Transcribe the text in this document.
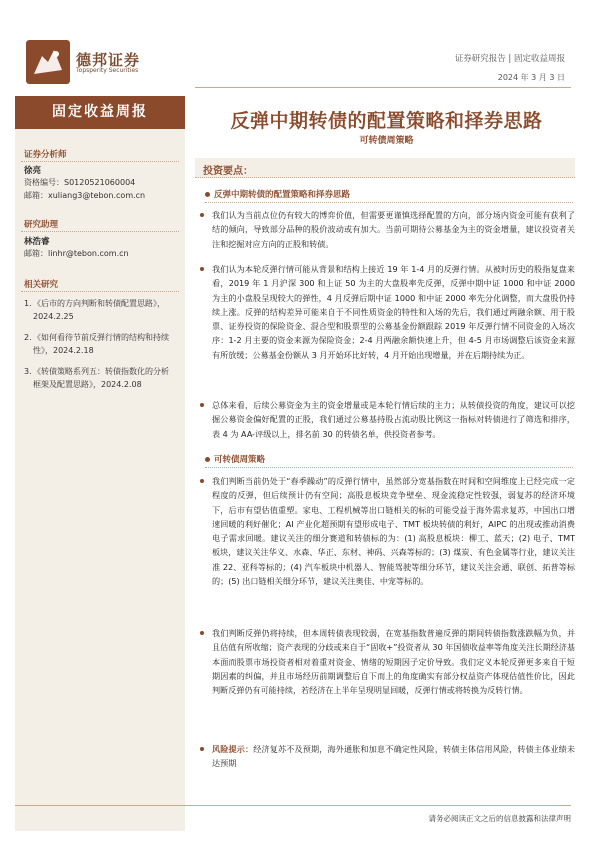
德邦证券
Topsperity Securities
证券研究报告 | 固定收益周报
2024 年 3 月 3 日
固定收益周报
证券分析师
徐亮
资格编号：S0120521060004
邮箱：xuliang3@tebon.com.cn
研究助理
林浩睿
邮箱：linhr@tebon.com.cn
相关研究
1. 《后市的方向判断和转债配置思路》，2024.2.25
2. 《如何看待节前反弹行情的结构和持续性》，2024.2.18
3. 《转债策略系列五：转债指数化的分析框架及配置思路》，2024.2.08
反弹中期转债的配置策略和择券思路
可转债周策略
投资要点：
反弹中期转债的配置策略和择券思路
我们认为当前点位仍有较大的博弈价值，但需要更谨慎选择配置的方向，部分场内资金可能有获利了结的倾向，导致部分品种的股价波动或有加大。当前可期待公募基金为主的资金增量，建议投资者关注和挖掘对应方向的正股和转债。
我们认为本轮反弹行情可能从背景和结构上接近 19 年 1-4 月的反弹行情。从被时历史的股指复盘来看，2019 年 1 月沪深 300 和上证 50 为主的大盘股率先反弹，反弹中期中证 1000 和中证 2000 为主的小盘股呈现较大的弹性，4 月反弹后期中证 1000 和中证 2000 率先分化调整，而大盘股仍持续上涨。反弹的结构差异可能来自于不同性质资金的特性和入场的先后，我们通过两融余额、用于股票、证券投资的保险资金、混合型和股票型的公募基金份额跟踪 2019 年反弹行情不同资金的入场次序：1-2 月主要的资金来源为保险资金；2-4 月两融余额快速上升，但 4-5 月市场调整后该资金来源有所放缓；公募基金份额从 3 月开始环比好转，4 月开始出现增量，并在后期持续为正。
总体来看，后续公募资金为主的资金增量或是本轮行情后续的主力；从转债投资的角度，建议可以挖掘公募资金偏好配置的正股，我们通过公募基持股占流动股比例这一指标对转债进行了筛选和排序，表 4 为 AA-评级以上，排名前 30 的转债名单，供投资者参考。
可转债周策略
我们判断当前仍处于“春季躁动”的反弹行情中，虽然部分宽基指数在时间和空间维度上已经完成一定程度的反弹，但后续预计仍有空间；高股息板块竞争壁垒、现金流稳定性较强，弱复苏的经济环境下，后市有望估值重塑。家电、工程机械等出口链相关的标的可能受益于海外需求复苏，中国出口增速回暖的利好催化；AI 产业化超预期有望形成电子、TMT 板块转债的利好，AIPC 的出现或推动消费电子需求回暖。建议关注的细分赛道和转债标的为：(1) 高股息板块：柳工、蓝天；(2) 电子、TMT 板块，建议关注华义、水森、华正、东材、神码、兴森等标的；(3) 煤炭、有色金属等行业，建议关注准 22、亚科等标的；(4) 汽车板块中机器人、智能驾驶等细分环节，建议关注会通、联创、拓普等标的；(5) 出口链相关细分环节，建议关注奥佳、中宠等标的。
我们判断反弹仍将持续，但本周转债表现较弱，在宽基指数普遍反弹的期间转债指数涨跌幅为负，并且估值有所收缩；资产表现的分歧或来自于“固收+”投资者从 30 年国债收益率等角度关注长期经济基本面而股票市场投资者相对着重对资金、情绪的短期因子定价导致。我们定义本轮反弹更多来自于短期因素的纠偏，并且市场经历前期调整后自下而上的角度确实有部分权益资产体现估值性价比，因此判断反弹仍有可能持续，若经济在上半年呈现明显回暖，反弹行情或将转换为反转行情。
风险提示：经济复苏不及预期，海外通胀和加息不确定性风险，转债主体信用风险，转债主体业绩未达预期
请务必阅读正文之后的信息披露和法律声明
